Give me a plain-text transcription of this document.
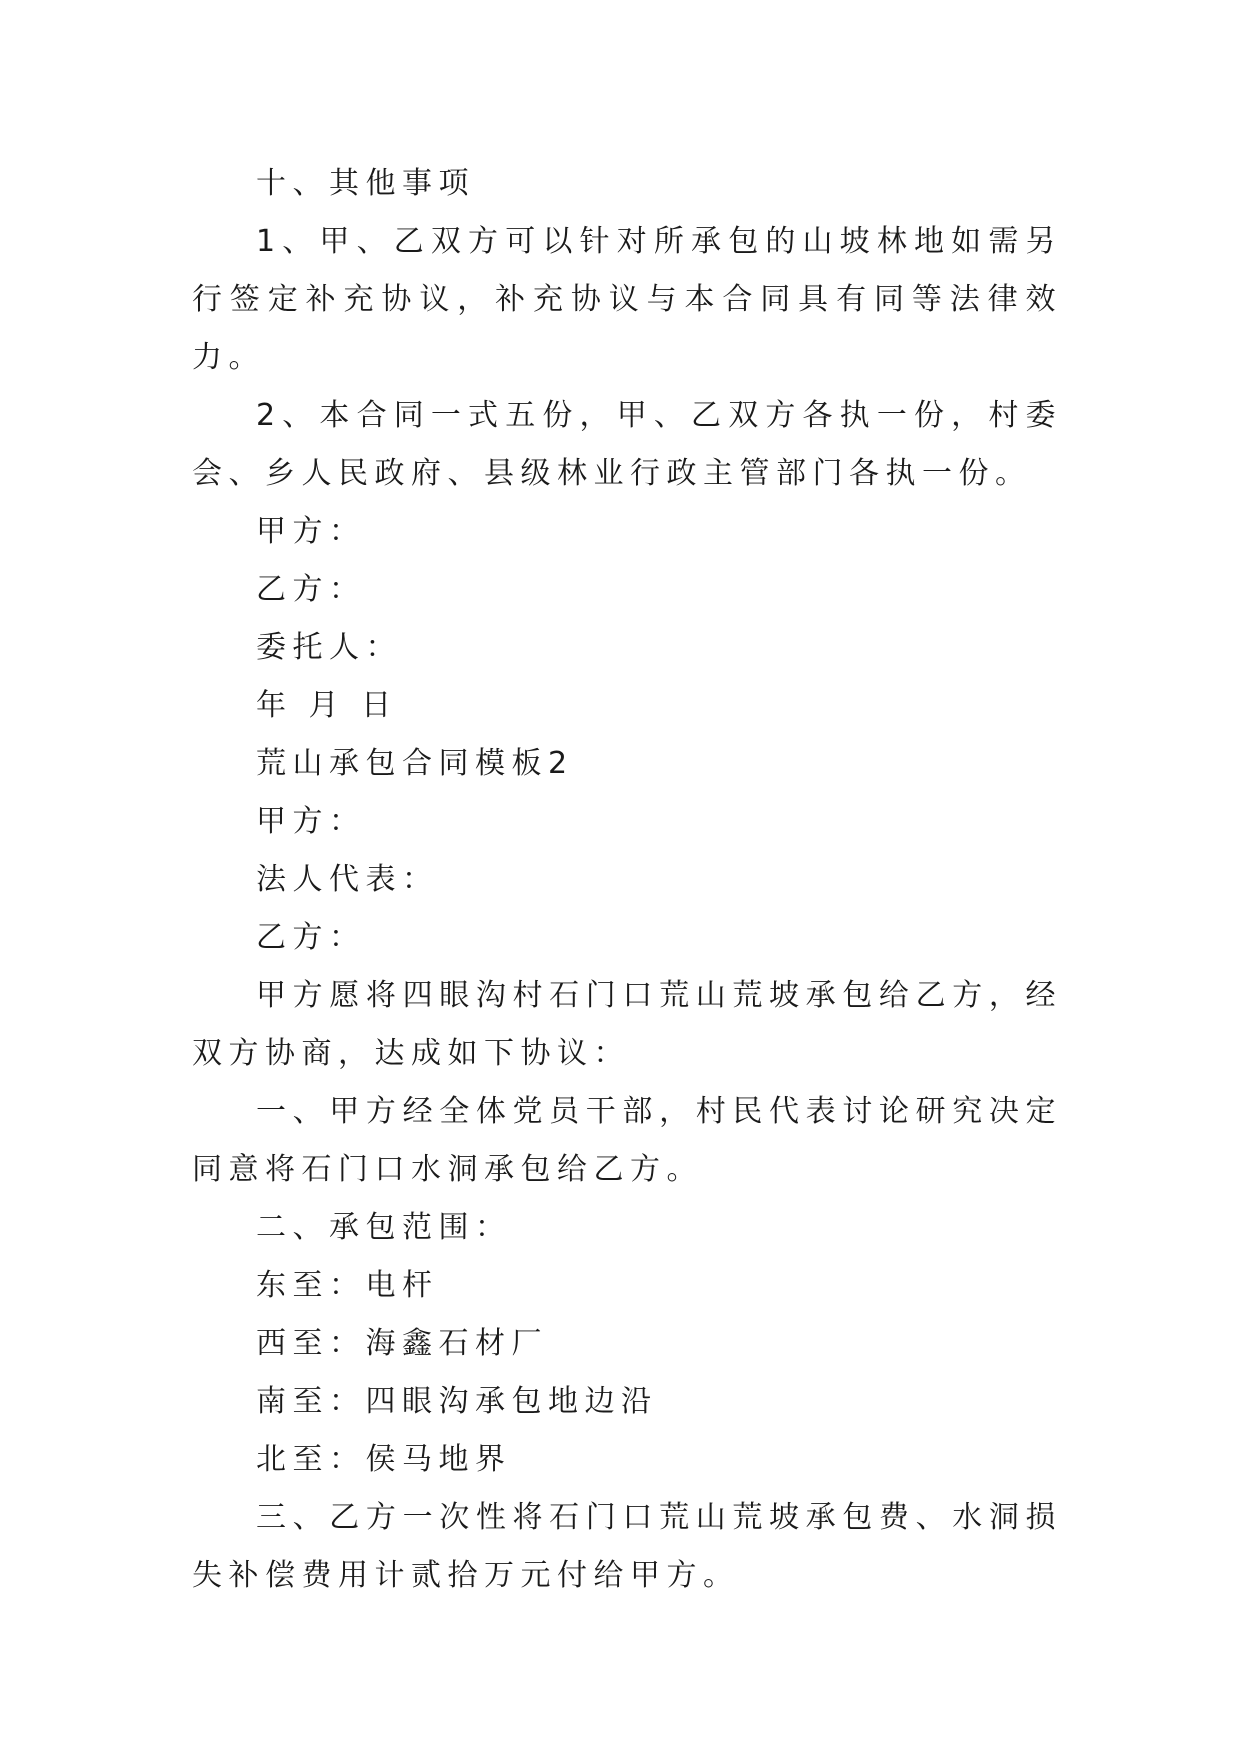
十、其他事项

1、甲、乙双方可以针对所承包的山坡林地如需另行签定补充协议，补充协议与本合同具有同等法律效力。

2、本合同一式五份，甲、乙双方各执一份，村委会、乡人民政府、县级林业行政主管部门各执一份。

甲方：

乙方：

委托人：

年 月 日

荒山承包合同模板2

甲方：

法人代表：

乙方：

甲方愿将四眼沟村石门口荒山荒坡承包给乙方，经双方协商，达成如下协议：

一、甲方经全体党员干部，村民代表讨论研究决定同意将石门口水洞承包给乙方。

二、承包范围：

东至：电杆

西至：海鑫石材厂

南至：四眼沟承包地边沿

北至：侯马地界

三、乙方一次性将石门口荒山荒坡承包费、水洞损失补偿费用计贰拾万元付给甲方。
